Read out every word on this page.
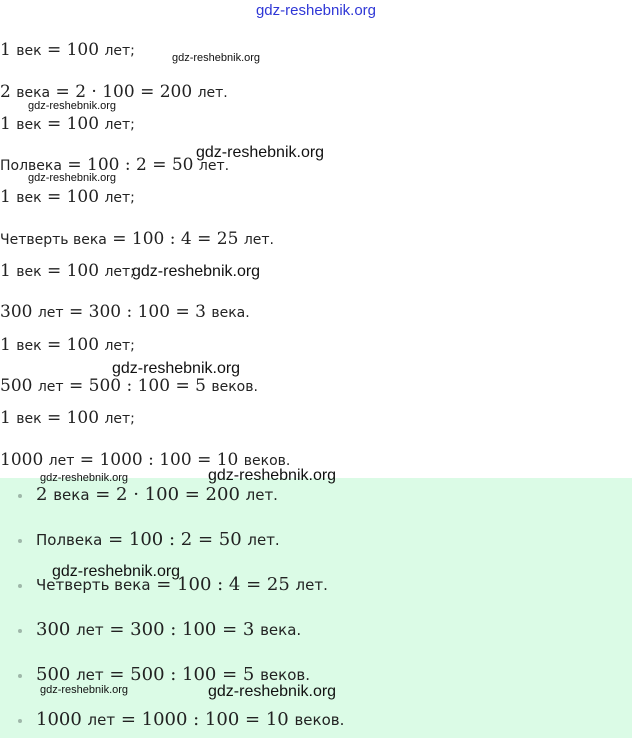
gdz-reshebnik.org
1 век = 100 лет;
2 века = 2 · 100 = 200 лет.
1 век = 100 лет;
Полвека = 100 : 2 = 50 лет.
1 век = 100 лет;
Четверть века = 100 : 4 = 25 лет.
1 век = 100 лет;
300 лет = 300 : 100 = 3 века.
1 век = 100 лет;
500 лет = 500 : 100 = 5 веков.
1 век = 100 лет;
1000 лет = 1000 : 100 = 10 веков.
2 века = 2 · 100 = 200 лет.
Полвека = 100 : 2 = 50 лет.
Четверть века = 100 : 4 = 25 лет.
300 лет = 300 : 100 = 3 века.
500 лет = 500 : 100 = 5 веков.
1000 лет = 1000 : 100 = 10 веков.
gdz-reshebnik.org
gdz-reshebnik.org
gdz-reshebnik.org
gdz-reshebnik.org
gdz-reshebnik.org
gdz-reshebnik.org
gdz-reshebnik.org	gdz-reshebnik.org
gdz-reshebnik.org
gdz-reshebnik.org	gdz-reshebnik.org
